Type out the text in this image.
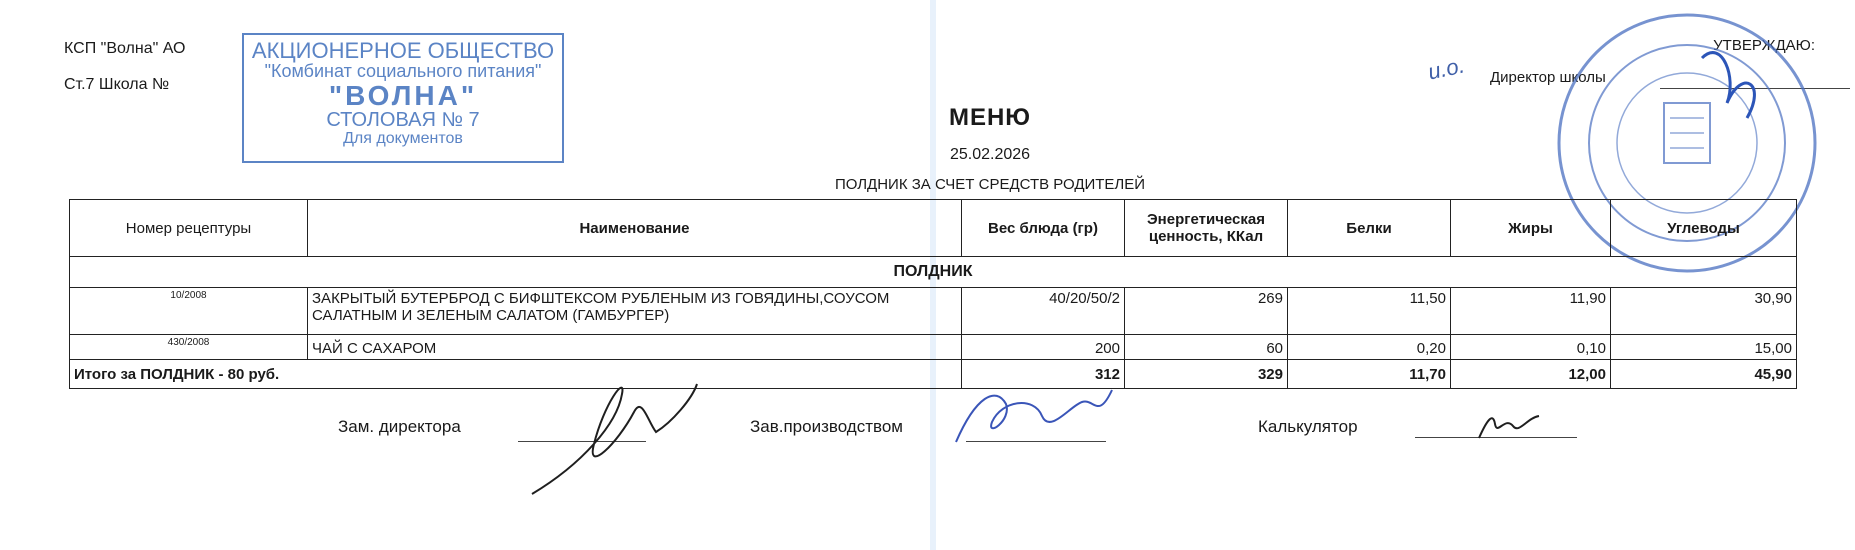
КСП "Волна" АО
Ст.7 Школа №
АКЦИОНЕРНОЕ ОБЩЕСТВО
"Комбинат социального питания"
"ВОЛНА"
СТОЛОВАЯ № 7
Для документов
УТВЕРЖДАЮ:
и.о. Директор школы
МЕНЮ
25.02.2026
ПОЛДНИК ЗА СЧЕТ СРЕДСТВ РОДИТЕЛЕЙ
Номер рецептуры	Наименование	Вес блюда (гр)	Энергетическая ценность, ККал	Белки	Жиры	Углеводы
ПОЛДНИК						
10/2008	ЗАКРЫТЫЙ БУТЕРБРОД С БИФШТЕКСОМ РУБЛЕНЫМ ИЗ ГОВЯДИНЫ,СОУСОМ САЛАТНЫМ И ЗЕЛЕНЫМ САЛАТОМ (ГАМБУРГЕР)	40/20/50/2	269	11,50	11,90	30,90
430/2008	ЧАЙ С САХАРОМ	200	60	0,20	0,10	15,00
Итого за ПОЛДНИК - 80 руб.		312	329	11,70	12,00	45,90
Зам. директора	Зав.производством	Калькулятор
